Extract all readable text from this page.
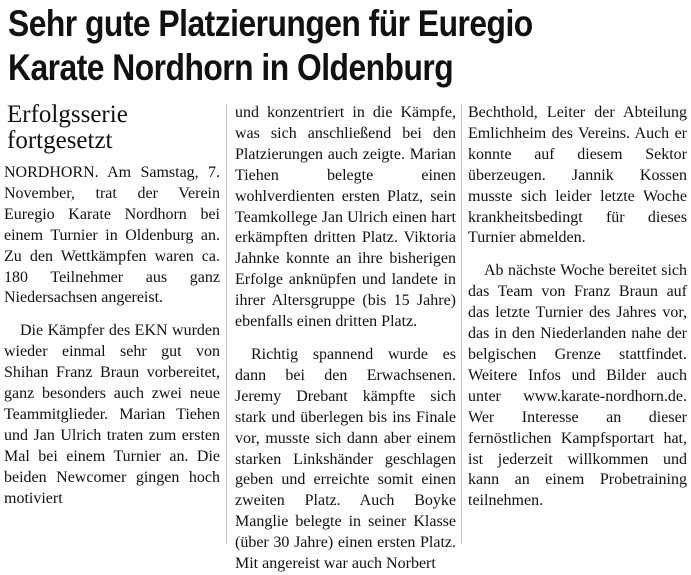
Sehr gute Platzierungen für Euregio
Karate Nordhorn in Oldenburg
Erfolgsserie
fortgesetzt

NORDHORN. Am Samstag, 7. November, trat der Verein Euregio Karate Nordhorn bei einem Turnier in Oldenburg an. Zu den Wettkämpfen waren ca. 180 Teilnehmer aus ganz Niedersachsen angereist.

Die Kämpfer des EKN wurden wieder einmal sehr gut von Shihan Franz Braun vorbereitet, ganz besonders auch zwei neue Teammitglieder. Marian Tiehen und Jan Ulrich traten zum ersten Mal bei einem Turnier an. Die beiden Newcomer gingen hoch motiviert

und konzentriert in die Kämpfe, was sich anschließend bei den Platzierungen auch zeigte. Marian Tiehen belegte einen wohlverdienten ersten Platz, sein Teamkollege Jan Ulrich einen hart erkämpften dritten Platz. Viktoria Jahnke konnte an ihre bisherigen Erfolge anknüpfen und landete in ihrer Altersgruppe (bis 15 Jahre) ebenfalls einen dritten Platz.

Richtig spannend wurde es dann bei den Erwachsenen. Jeremy Drebant kämpfte sich stark und überlegen bis ins Finale vor, musste sich dann aber einem starken Linkshänder geschlagen geben und erreichte somit einen zweiten Platz. Auch Boyke Manglie belegte in seiner Klasse (über 30 Jahre) einen ersten Platz. Mit angereist war auch Norbert

Bechthold, Leiter der Abteilung Emlichheim des Vereins. Auch er konnte auf diesem Sektor überzeugen. Jannik Kossen musste sich leider letzte Woche krankheitsbedingt für dieses Turnier abmelden.

Ab nächste Woche bereitet sich das Team von Franz Braun auf das letzte Turnier des Jahres vor, das in den Niederlanden nahe der belgischen Grenze stattfindet. Weitere Infos und Bilder auch unter www.karate-nordhorn.de. Wer Interesse an dieser fernöstlichen Kampfsportart hat, ist jederzeit willkommen und kann an einem Probetraining teilnehmen.
